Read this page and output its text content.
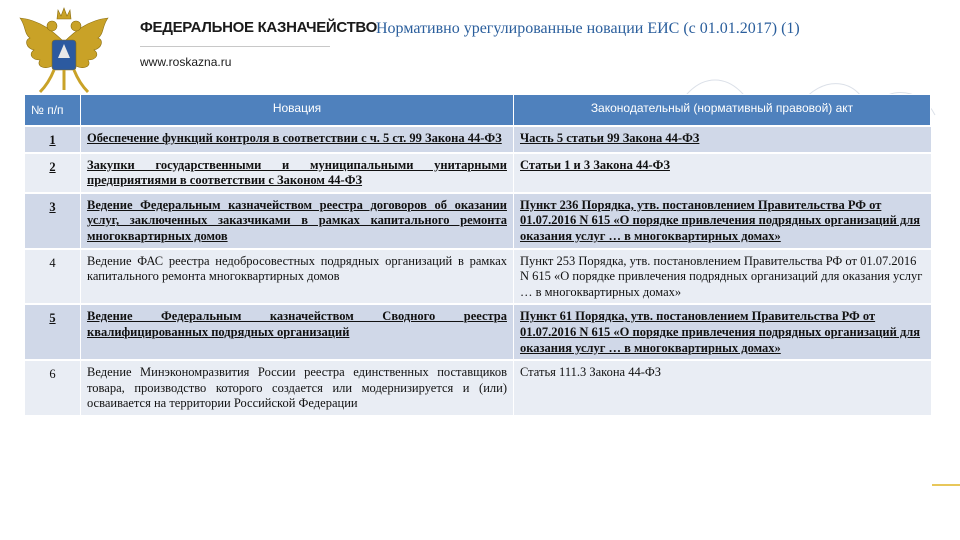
ФЕДЕРАЛЬНОЕ КАЗНАЧЕЙСТВО
www.roskazna.ru
Нормативно урегулированные новации ЕИС (с 01.01.2017) (1)
№ п/п	Новация	Законодательный (нормативный правовой) акт
1	Обеспечение функций контроля в соответствии с ч. 5 ст. 99 Закона 44-ФЗ	Часть 5 статьи 99 Закона 44-ФЗ
2	Закупки государственными и муниципальными унитарными предприятиями в соответствии с Законом 44-ФЗ	Статьи 1 и 3 Закона 44-ФЗ
3	Ведение Федеральным казначейством реестра договоров об оказании услуг, заключенных заказчиками в рамках капитального ремонта многоквартирных домов	Пункт 236 Порядка, утв. постановлением Правительства РФ от 01.07.2016 N 615 «О порядке привлечения подрядных организаций для оказания услуг … в многоквартирных домах»
4	Ведение ФАС реестра недобросовестных подрядных организаций в рамках капитального ремонта многоквартирных домов	Пункт 253 Порядка, утв. постановлением Правительства РФ от 01.07.2016 N 615 «О порядке привлечения подрядных организаций для оказания услуг … в многоквартирных домах»
5	Ведение Федеральным казначейством Сводного реестра квалифицированных подрядных организаций	Пункт 61 Порядка, утв. постановлением Правительства РФ от 01.07.2016 N 615 «О порядке привлечения подрядных организаций для оказания услуг … в многоквартирных домах»
6	Ведение Минэкономразвития России реестра единственных поставщиков товара, производство которого создается или модернизируется и (или) осваивается на территории Российской Федерации	Статья 111.3 Закона 44-ФЗ
